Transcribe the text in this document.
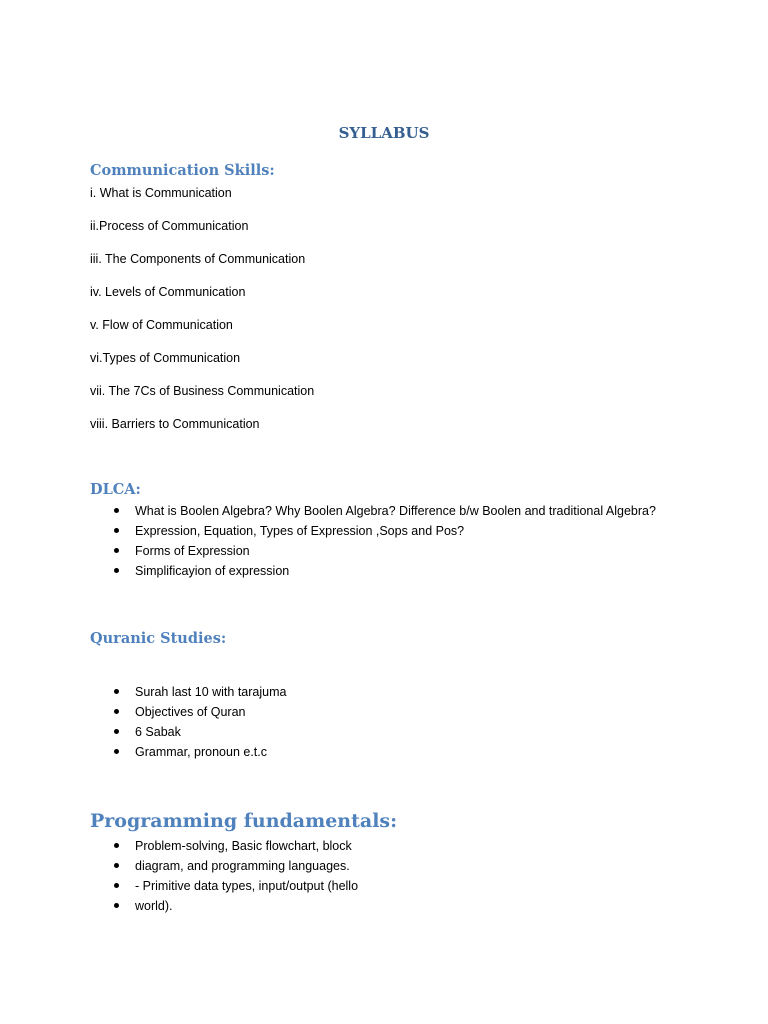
SYLLABUS
Communication Skills:
i. What is Communication
ii.Process of Communication
iii. The Components of Communication
iv. Levels of Communication
v. Flow of Communication
vi.Types of Communication
vii. The 7Cs of Business Communication
viii. Barriers to Communication
DLCA:
What is Boolen Algebra? Why Boolen Algebra? Difference b/w Boolen and traditional Algebra?
Expression, Equation, Types of Expression ,Sops and Pos?
Forms of Expression
Simplificayion of expression
Quranic Studies:
Surah last 10 with tarajuma
Objectives of Quran
6 Sabak
Grammar, pronoun e.t.c
Programming fundamentals:
Problem-solving, Basic flowchart, block
diagram, and programming languages.
- Primitive data types, input/output (hello
world).
